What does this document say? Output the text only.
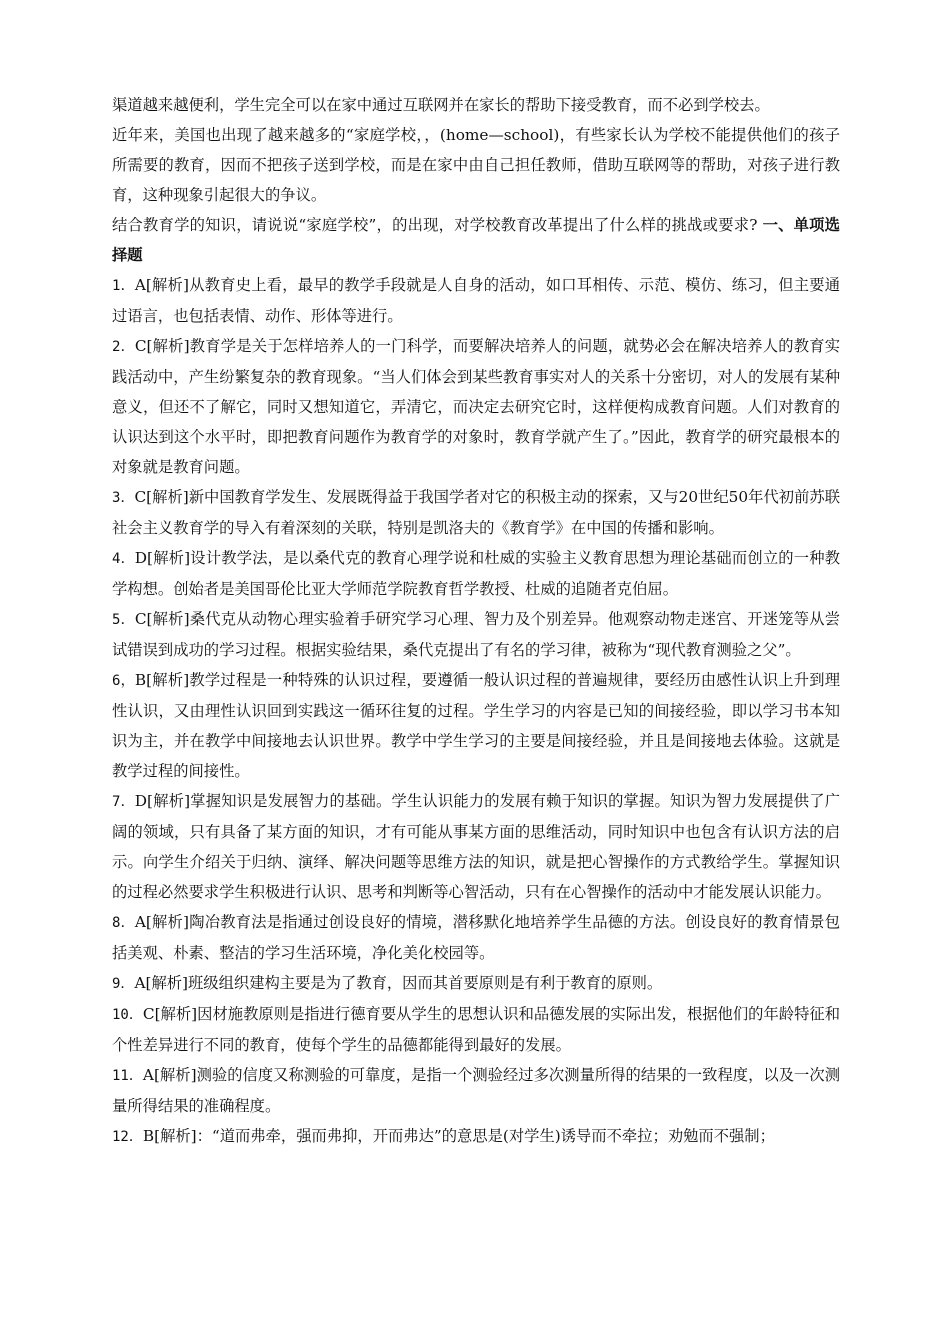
渠道越来越便利，学生完全可以在家中通过互联网并在家长的帮助下接受教育，而不必到学校去。

近年来，美国也出现了越来越多的“家庭学校，，(home—school)，有些家长认为学校不能提供他们的孩子所需要的教育，因而不把孩子送到学校，而是在家中由自己担任教师，借助互联网等的帮助，对孩子进行教育，这种现象引起很大的争议。

结合教育学的知识，请说说“家庭学校”，的出现，对学校教育改革提出了什么样的挑战或要求? 一、单项选择题

1．A[解析]从教育史上看，最早的教学手段就是人自身的活动，如口耳相传、示范、模仿、练习，但主要通过语言，也包括表情、动作、形体等进行。

2．C[解析]教育学是关于怎样培养人的一门科学，而要解决培养人的问题，就势必会在解决培养人的教育实践活动中，产生纷繁复杂的教育现象。“当人们体会到某些教育事实对人的关系十分密切，对人的发展有某种意义，但还不了解它，同时又想知道它，弄清它，而决定去研究它时，这样便构成教育问题。人们对教育的认识达到这个水平时，即把教育问题作为教育学的对象时，教育学就产生了。”因此，教育学的研究最根本的对象就是教育问题。

3．C[解析]新中国教育学发生、发展既得益于我国学者对它的积极主动的探索，又与20世纪50年代初前苏联社会主义教育学的导入有着深刻的关联，特别是凯洛夫的《教育学》在中国的传播和影响。

4．D[解析]设计教学法，是以桑代克的教育心理学说和杜威的实验主义教育思想为理论基础而创立的一种教学构想。创始者是美国哥伦比亚大学师范学院教育哲学教授、杜威的追随者克伯屈。

5．C[解析]桑代克从动物心理实验着手研究学习心理、智力及个别差异。他观察动物走迷宫、开迷笼等从尝试错误到成功的学习过程。根据实验结果，桑代克提出了有名的学习律，被称为“现代教育测验之父”。

6，B[解析]教学过程是一种特殊的认识过程，要遵循一般认识过程的普遍规律，要经历由感性认识上升到理性认识，又由理性认识回到实践这一循环往复的过程。学生学习的内容是已知的间接经验，即以学习书本知识为主，并在教学中间接地去认识世界。教学中学生学习的主要是间接经验，并且是间接地去体验。这就是教学过程的间接性。

7．D[解析]掌握知识是发展智力的基础。学生认识能力的发展有赖于知识的掌握。知识为智力发展提供了广阔的领域，只有具备了某方面的知识，才有可能从事某方面的思维活动，同时知识中也包含有认识方法的启示。向学生介绍关于归纳、演绎、解决问题等思维方法的知识，就是把心智操作的方式教给学生。掌握知识的过程必然要求学生积极进行认识、思考和判断等心智活动，只有在心智操作的活动中才能发展认识能力。

8．A[解析]陶冶教育法是指通过创设良好的情境，潜移默化地培养学生品德的方法。创设良好的教育情景包括美观、朴素、整洁的学习生活环境，净化美化校园等。

9．A[解析]班级组织建构主要是为了教育，因而其首要原则是有利于教育的原则。

10．C[解析]因材施教原则是指进行德育要从学生的思想认识和品德发展的实际出发，根据他们的年龄特征和个性差异进行不同的教育，使每个学生的品德都能得到最好的发展。

11．A[解析]测验的信度又称测验的可靠度，是指一个测验经过多次测量所得的结果的一致程度，以及一次测量所得结果的准确程度。

12．B[解析]：“道而弗牵，强而弗抑，开而弗达”的意思是(对学生)诱导而不牵拉；劝勉而不强制；
